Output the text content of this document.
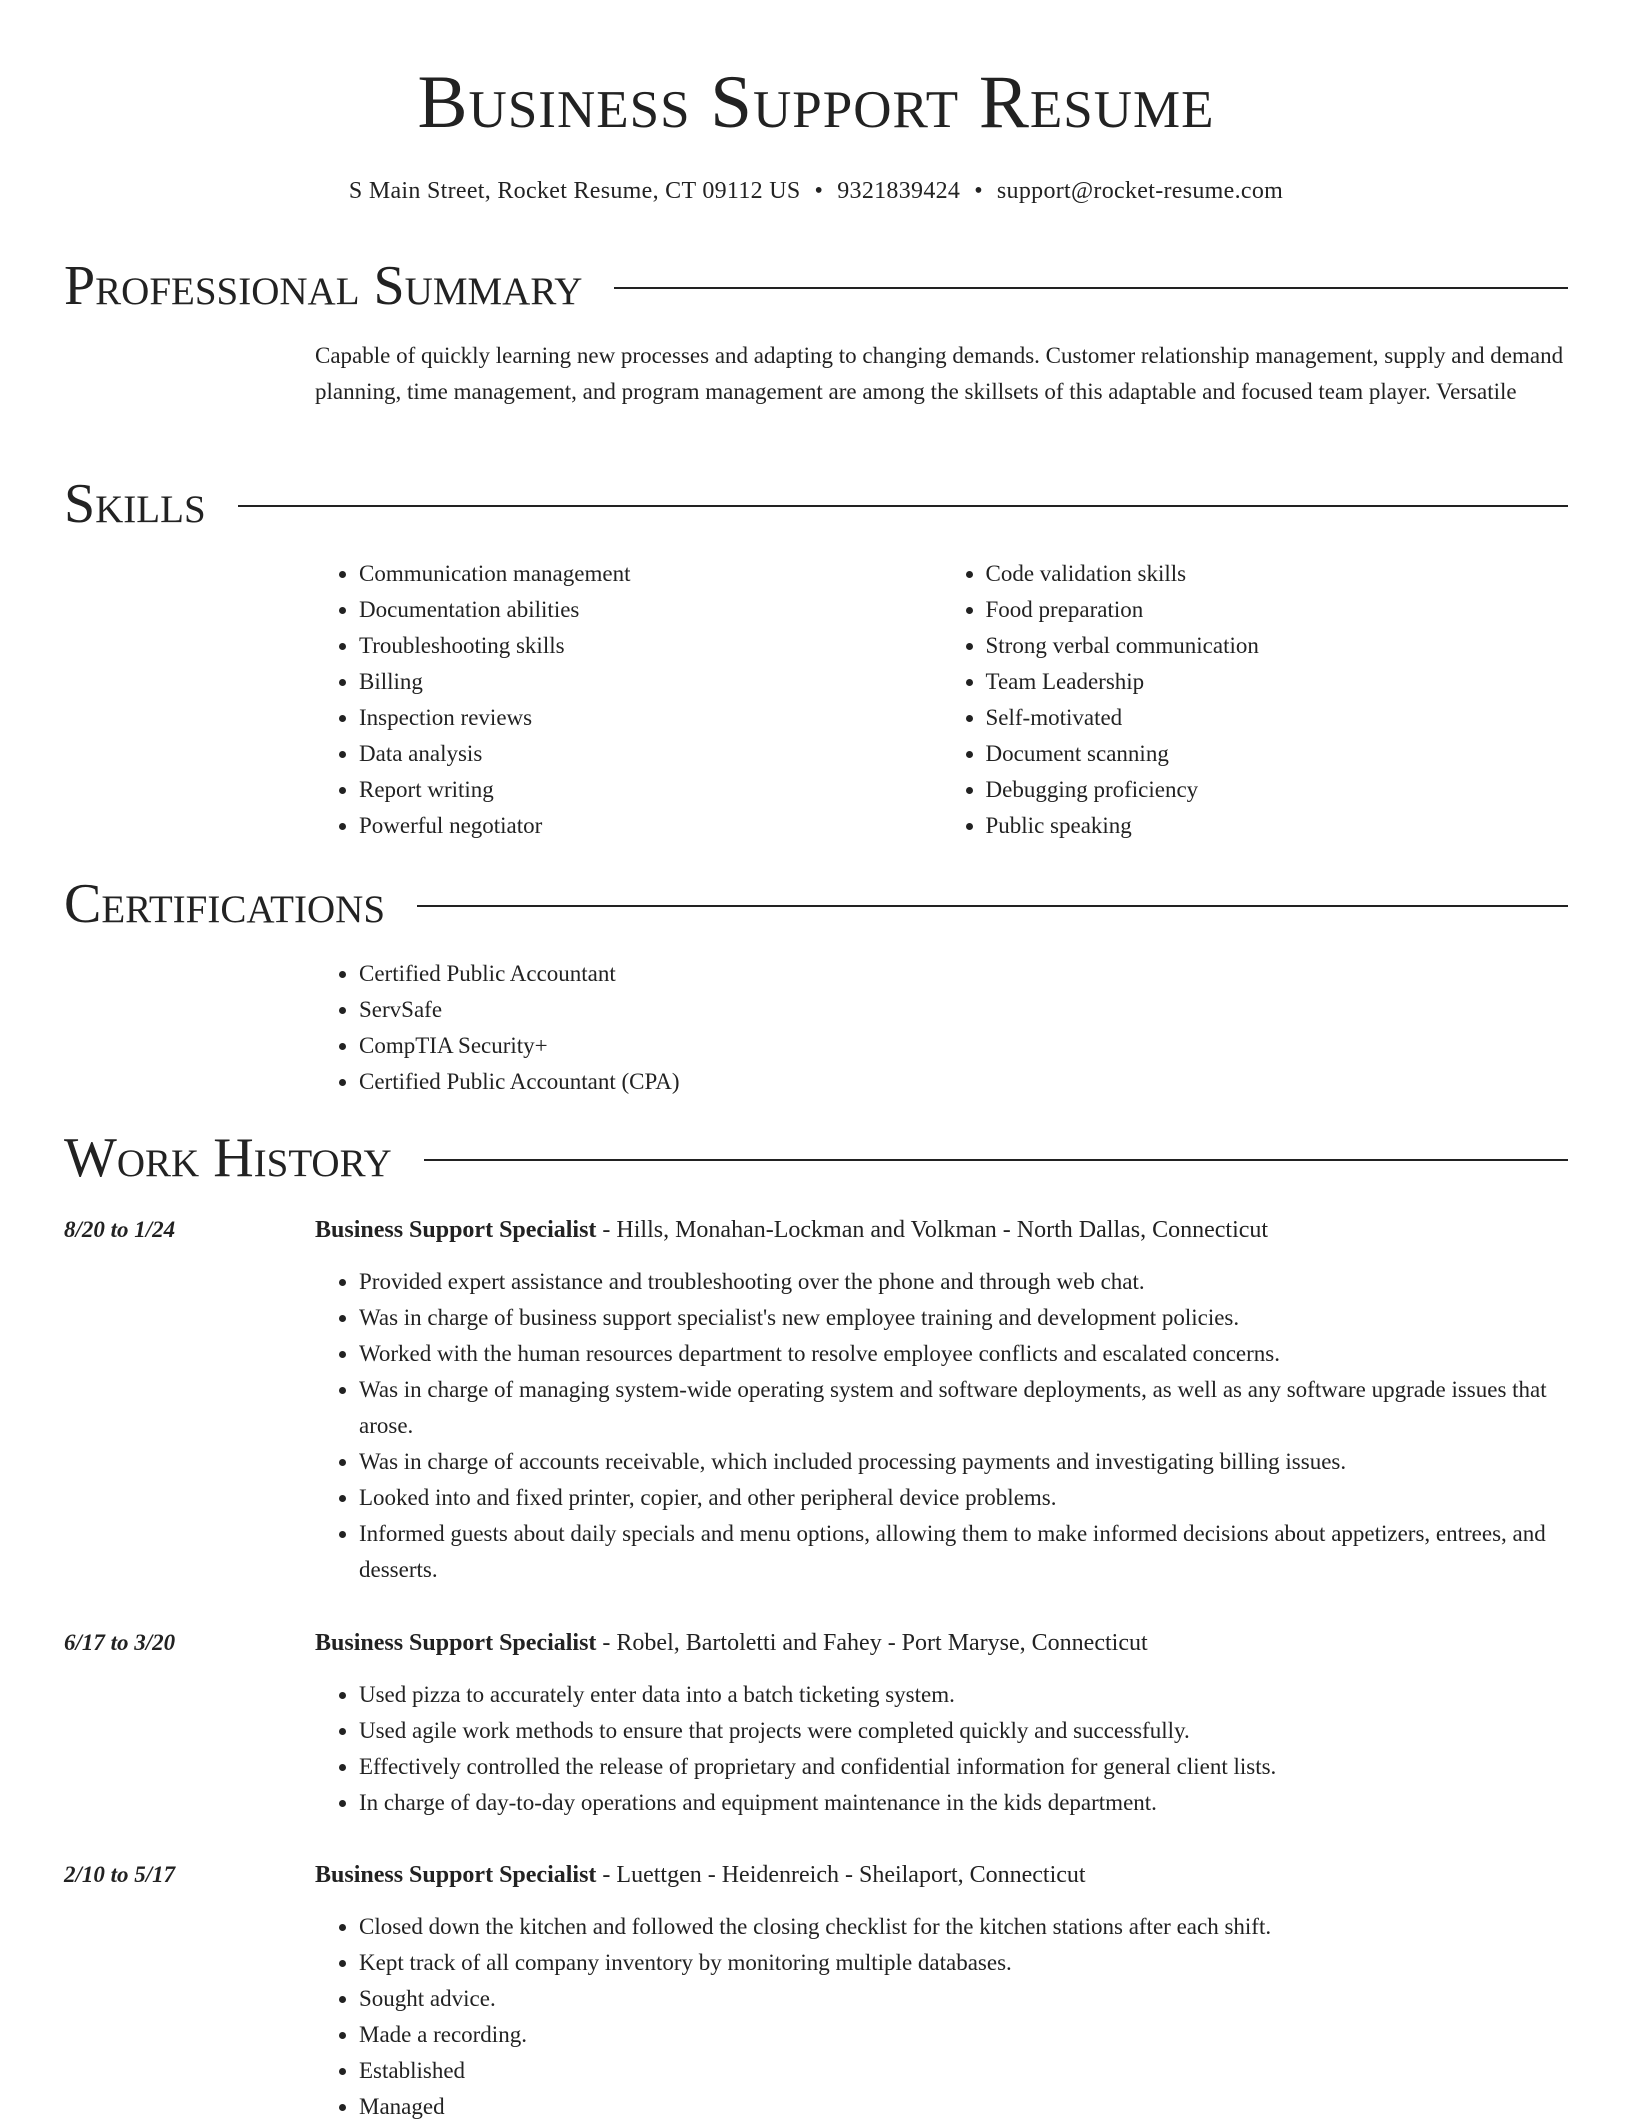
Business Support Resume
S Main Street, Rocket Resume, CT 09112 US • 9321839424 • support@rocket-resume.com
Professional Summary

Capable of quickly learning new processes and adapting to changing demands. Customer relationship management, supply and demand planning, time management, and program management are among the skillsets of this adaptable and focused team player. Versatile

Skills
• Communication management
• Documentation abilities
• Troubleshooting skills
• Billing
• Inspection reviews
• Data analysis
• Report writing
• Powerful negotiator
• Code validation skills
• Food preparation
• Strong verbal communication
• Team Leadership
• Self-motivated
• Document scanning
• Debugging proficiency
• Public speaking
Certifications
• Certified Public Accountant
• ServSafe
• CompTIA Security+
• Certified Public Accountant (CPA)
Work History
8/20 to 1/24	Business Support Specialist - Hills, Monahan-Lockman and Volkman - North Dallas, Connecticut
• Provided expert assistance and troubleshooting over the phone and through web chat.
• Was in charge of business support specialist's new employee training and development policies.
• Worked with the human resources department to resolve employee conflicts and escalated concerns.
• Was in charge of managing system-wide operating system and software deployments, as well as any software upgrade issues that arose.
• Was in charge of accounts receivable, which included processing payments and investigating billing issues.
• Looked into and fixed printer, copier, and other peripheral device problems.
• Informed guests about daily specials and menu options, allowing them to make informed decisions about appetizers, entrees, and desserts.
6/17 to 3/20	Business Support Specialist - Robel, Bartoletti and Fahey - Port Maryse, Connecticut
• Used pizza to accurately enter data into a batch ticketing system.
• Used agile work methods to ensure that projects were completed quickly and successfully.
• Effectively controlled the release of proprietary and confidential information for general client lists.
• In charge of day-to-day operations and equipment maintenance in the kids department.
2/10 to 5/17	Business Support Specialist - Luettgen - Heidenreich - Sheilaport, Connecticut
• Closed down the kitchen and followed the closing checklist for the kitchen stations after each shift.
• Kept track of all company inventory by monitoring multiple databases.
• Sought advice.
• Made a recording.
• Established
• Managed
